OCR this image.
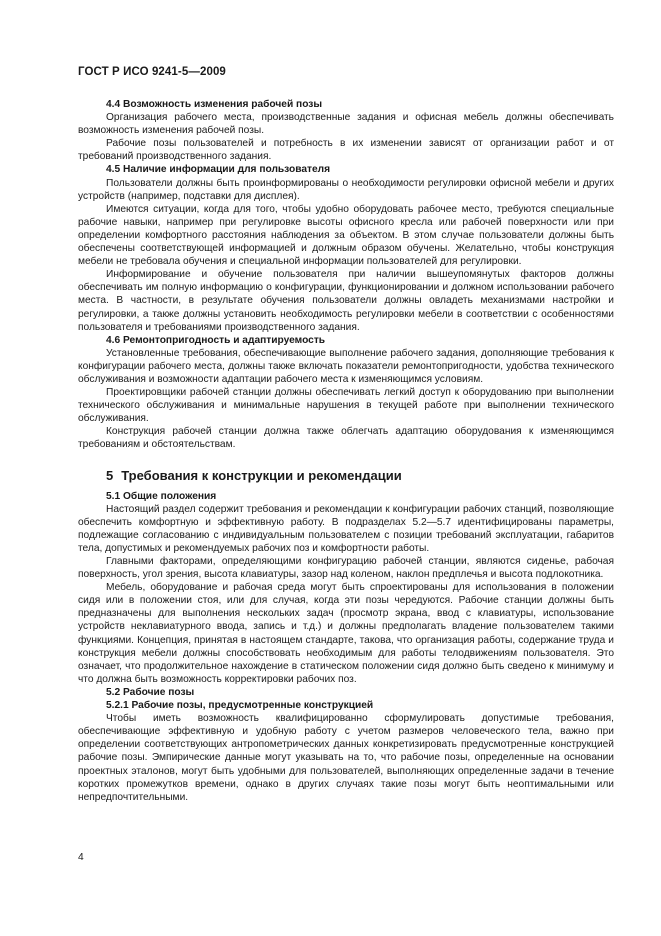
ГОСТ Р ИСО 9241-5—2009

4.4 Возможность изменения рабочей позы

Организация рабочего места, производственные задания и офисная мебель должны обеспечивать возможность изменения рабочей позы.

Рабочие позы пользователей и потребность в их изменении зависят от организации работ и от требований производственного задания.

4.5 Наличие информации для пользователя

Пользователи должны быть проинформированы о необходимости регулировки офисной мебели и других устройств (например, подставки для дисплея).

Имеются ситуации, когда для того, чтобы удобно оборудовать рабочее место, требуются специальные рабочие навыки, например при регулировке высоты офисного кресла или рабочей поверхности или при определении комфортного расстояния наблюдения за объектом. В этом случае пользователи должны быть обеспечены соответствующей информацией и должным образом обучены. Желательно, чтобы конструкция мебели не требовала обучения и специальной информации пользователей для регулировки.

Информирование и обучение пользователя при наличии вышеупомянутых факторов должны обеспечивать им полную информацию о конфигурации, функционировании и должном использовании рабочего места. В частности, в результате обучения пользователи должны овладеть механизмами настройки и регулировки, а также должны установить необходимость регулировки мебели в соответствии с особенностями пользователя и требованиями производственного задания.

4.6 Ремонтопригодность и адаптируемость

Установленные требования, обеспечивающие выполнение рабочего задания, дополняющие требования к конфигурации рабочего места, должны также включать показатели ремонтопригодности, удобства технического обслуживания и возможности адаптации рабочего места к изменяющимся условиям.

Проектировщики рабочей станции должны обеспечивать легкий доступ к оборудованию при выполнении технического обслуживания и минимальные нарушения в текущей работе при выполнении технического обслуживания.

Конструкция рабочей станции должна также облегчать адаптацию оборудования к изменяющимся требованиям и обстоятельствам.

5 Требования к конструкции и рекомендации

5.1 Общие положения

Настоящий раздел содержит требования и рекомендации к конфигурации рабочих станций, позволяющие обеспечить комфортную и эффективную работу. В подразделах 5.2—5.7 идентифицированы параметры, подлежащие согласованию с индивидуальным пользователем с позиции требований эксплуатации, габаритов тела, допустимых и рекомендуемых рабочих поз и комфортности работы.

Главными факторами, определяющими конфигурацию рабочей станции, являются сиденье, рабочая поверхность, угол зрения, высота клавиатуры, зазор над коленом, наклон предплечья и высота подлокотника.

Мебель, оборудование и рабочая среда могут быть спроектированы для использования в положении сидя или в положении стоя, или для случая, когда эти позы чередуются. Рабочие станции должны быть предназначены для выполнения нескольких задач (просмотр экрана, ввод с клавиатуры, использование устройств неклавиатурного ввода, запись и т.д.) и должны предполагать владение пользователем такими функциями. Концепция, принятая в настоящем стандарте, такова, что организация работы, содержание труда и конструкция мебели должны способствовать необходимым для работы телодвижениям пользователя. Это означает, что продолжительное нахождение в статическом положении сидя должно быть сведено к минимуму и что должна быть возможность корректировки рабочих поз.

5.2 Рабочие позы

5.2.1 Рабочие позы, предусмотренные конструкцией

Чтобы иметь возможность квалифицированно сформулировать допустимые требования, обеспечивающие эффективную и удобную работу с учетом размеров человеческого тела, важно при определении соответствующих антропометрических данных конкретизировать предусмотренные конструкцией рабочие позы. Эмпирические данные могут указывать на то, что рабочие позы, определенные на основании проектных эталонов, могут быть удобными для пользователей, выполняющих определенные задачи в течение коротких промежутков времени, однако в других случаях такие позы могут быть неоптимальными или непредпочтительными.

4
